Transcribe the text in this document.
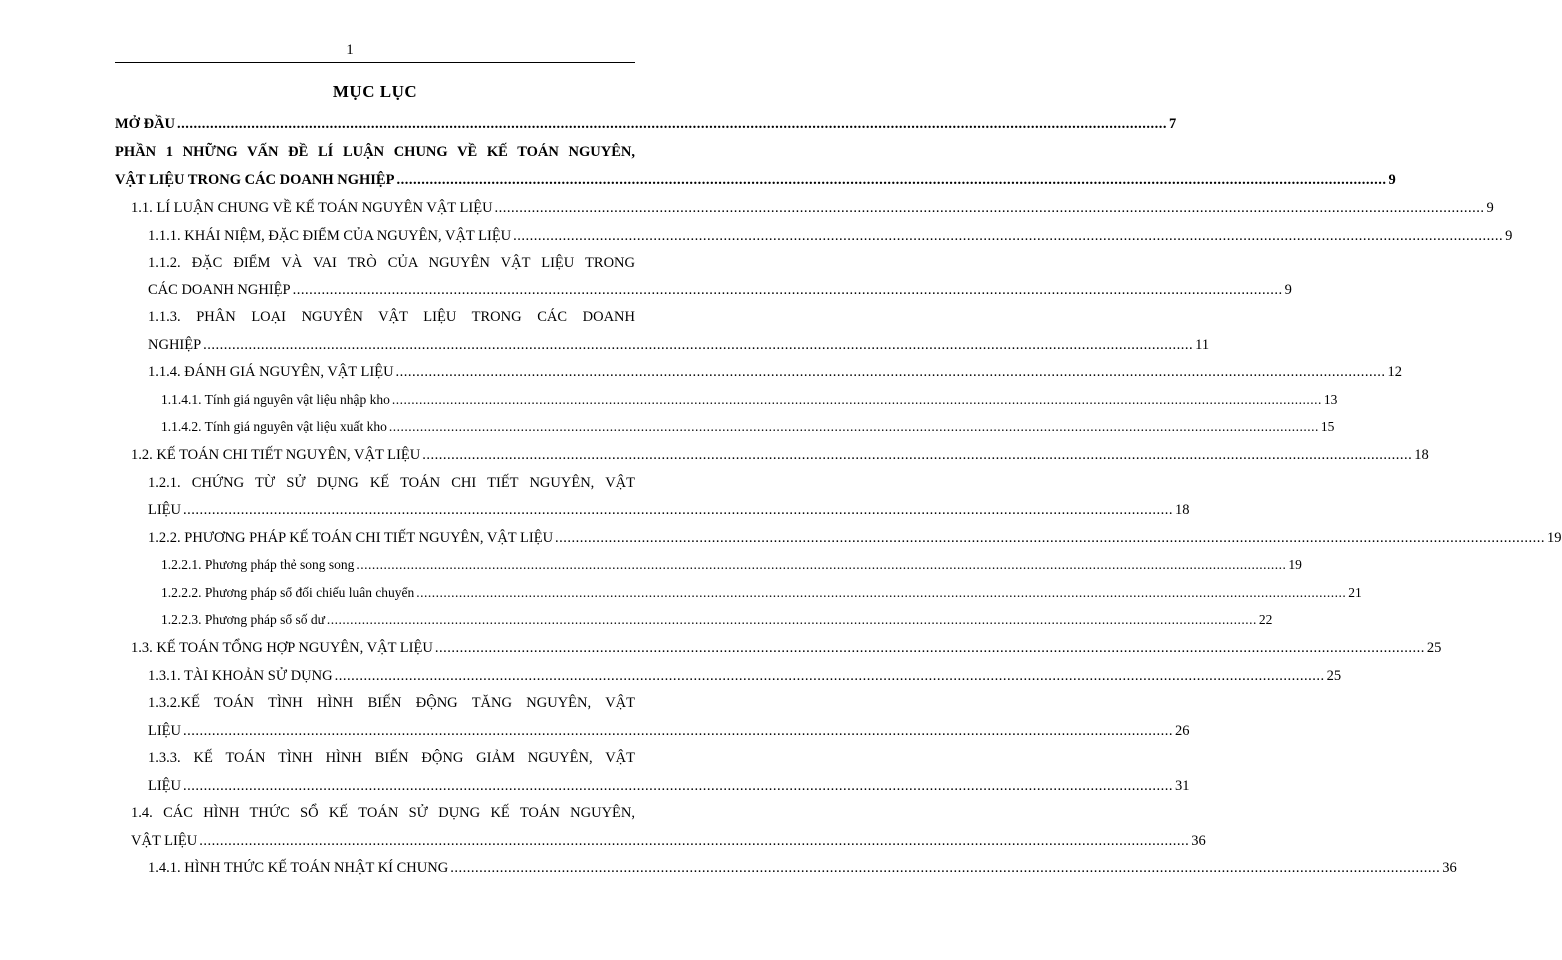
1
MỤC LỤC
MỞ ĐẦU ................................................................................................................................................................................................................................................ 7
PHẦN 1 NHỮNG VẤN ĐỀ LÍ LUẬN CHUNG VỀ KẾ TOÁN NGUYÊN,
VẬT LIỆU TRONG CÁC DOANH NGHIỆP ................................................................................................................................................................................................................................................ 9
1.1. LÍ LUẬN CHUNG VỀ KẾ TOÁN NGUYÊN VẬT LIỆU ................................................................................................................................................................................................................................................ 9
1.1.1. KHÁI NIỆM, ĐẶC ĐIỂM CỦA NGUYÊN, VẬT LIỆU ................................................................................................................................................................................................................................................ 9
1.1.2. ĐẶC ĐIỂM VÀ VAI TRÒ CỦA NGUYÊN VẬT LIỆU TRONG
CÁC DOANH NGHIỆP ................................................................................................................................................................................................................................................ 9
1.1.3. PHÂN LOẠI NGUYÊN VẬT LIỆU TRONG CÁC DOANH
NGHIỆP ................................................................................................................................................................................................................................................ 11
1.1.4. ĐÁNH GIÁ NGUYÊN, VẬT LIỆU ................................................................................................................................................................................................................................................ 12
1.1.4.1. Tính giá nguyên vật liệu nhập kho ................................................................................................................................................................................................................................................ 13
1.1.4.2. Tính giá nguyên vật liệu xuất kho ................................................................................................................................................................................................................................................ 15
1.2. KẾ TOÁN CHI TIẾT NGUYÊN, VẬT LIỆU ................................................................................................................................................................................................................................................ 18
1.2.1. CHỨNG TỪ SỬ DỤNG KẾ TOÁN CHI TIẾT NGUYÊN, VẬT
LIỆU ................................................................................................................................................................................................................................................ 18
1.2.2. PHƯƠNG PHÁP KẾ TOÁN CHI TIẾT NGUYÊN, VẬT LIỆU ................................................................................................................................................................................................................................................ 19
1.2.2.1. Phương pháp thẻ song song ................................................................................................................................................................................................................................................ 19
1.2.2.2. Phương pháp sổ đối chiếu luân chuyển ................................................................................................................................................................................................................................................ 21
1.2.2.3. Phương pháp sổ số dư ................................................................................................................................................................................................................................................ 22
1.3. KẾ TOÁN TỔNG HỢP NGUYÊN, VẬT LIỆU ................................................................................................................................................................................................................................................ 25
1.3.1. TÀI KHOẢN SỬ DỤNG ................................................................................................................................................................................................................................................ 25
1.3.2.KẾ TOÁN TÌNH HÌNH BIẾN ĐỘNG TĂNG NGUYÊN, VẬT
LIỆU ................................................................................................................................................................................................................................................ 26
1.3.3. KẾ TOÁN TÌNH HÌNH BIẾN ĐỘNG GIẢM NGUYÊN, VẬT
LIỆU ................................................................................................................................................................................................................................................ 31
1.4. CÁC HÌNH THỨC SỔ KẾ TOÁN SỬ DỤNG KẾ TOÁN NGUYÊN,
VẬT LIỆU ................................................................................................................................................................................................................................................ 36
1.4.1. HÌNH THỨC KẾ TOÁN NHẬT KÍ CHUNG ................................................................................................................................................................................................................................................ 36
